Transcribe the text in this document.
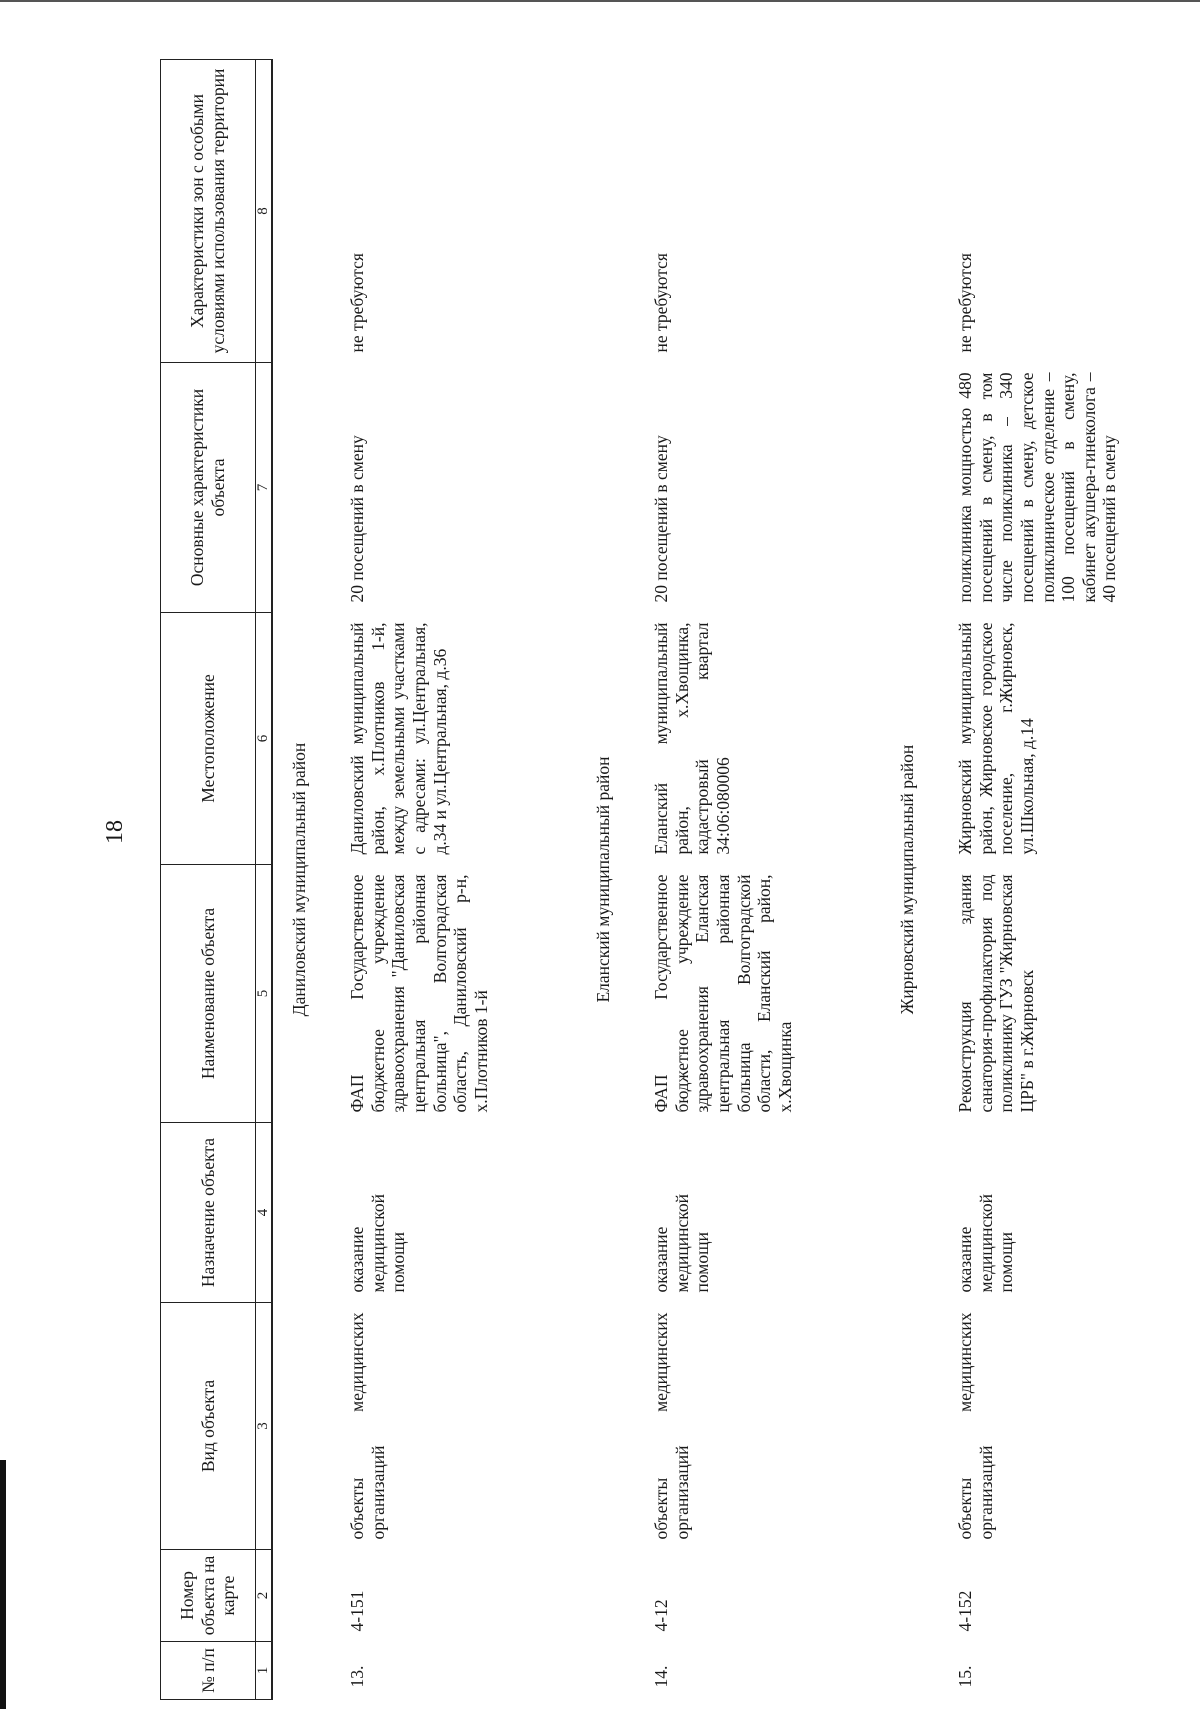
18
№ п/п	Номер объекта на карте	Вид объекта	Назначение объекта	Наименование объекта	Местоположение	Основные характеристики объекта	Характеристики зон с особыми условиями использования территории
1	2	3	4	5	6	7	8
Даниловский муниципальный район							
13.	4-151	объекты медицинских организаций	оказание медицинской помощи	ФАП Государственное бюджетное учреждение здравоохранения "Даниловская центральная районная больница", Волгоградская область, Даниловский р-н, х.Плотников 1-й	Даниловский муниципальный район, х.Плотников 1-й, между земельными участками с адресами: ул.Центральная, д.34 и ул.Центральная, д.36	20 посещений в смену	не требуются
Еланский муниципальный район							
14.	4-12	объекты медицинских организаций	оказание медицинской помощи	ФАП Государственное бюджетное учреждение здравоохранения Еланская центральная районная больница Волгоградской области, Еланский район, х.Хвощинка	Еланский муниципальный район, х.Хвощинка, кадастровый квартал 34:06:080006	20 посещений в смену	не требуются
Жирновский муниципальный район							
15.	4-152	объекты медицинских организаций	оказание медицинской помощи	Реконструкция здания санатория-профилактория под поликлинику ГУЗ "Жирновская ЦРБ" в г.Жирновск	Жирновский муниципальный район, Жирновское городское поселение, г.Жирновск, ул.Школьная, д.14	поликлиника мощностью 480 посещений в смену, в том числе поликлиника – 340 посещений в смену, детское поликлиническое отделение – 100 посещений в смену, кабинет акушера-гинеколога – 40 посещений в смену	не требуются
